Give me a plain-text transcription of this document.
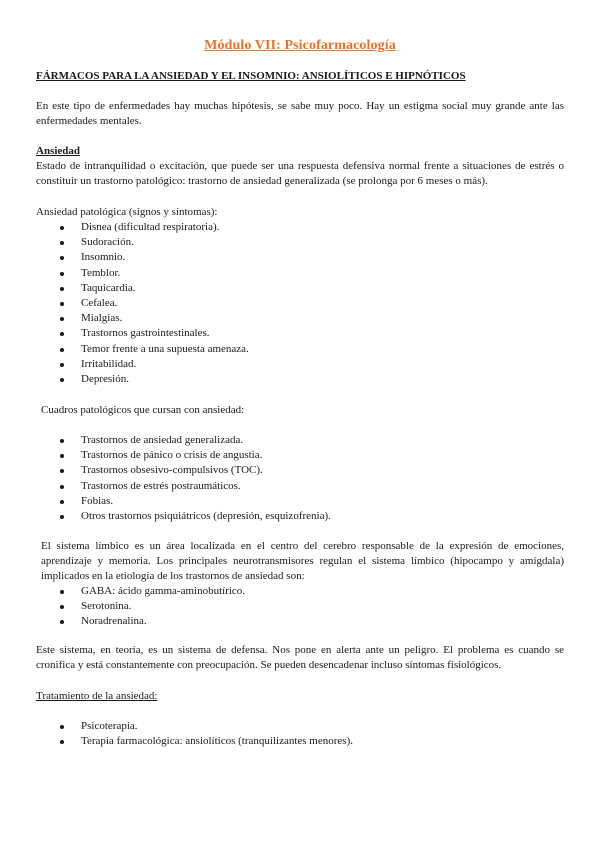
Módulo VII: Psicofarmacología
FÁRMACOS PARA LA ANSIEDAD Y EL INSOMNIO: ANSIOLÍTICOS E HIPNÓTICOS
En este tipo de enfermedades hay muchas hipótesis, se sabe muy poco. Hay un estigma social muy grande ante las enfermedades mentales.
Ansiedad
Estado de intranquilidad o excitación, que puede ser una respuesta defensiva normal frente a situaciones de estrés o constituir un trastorno patológico: trastorno de ansiedad generalizada (se prolonga por 6 meses o más).
Ansiedad patológica (signos y síntomas):
Disnea (dificultad respiratoria).
Sudoración.
Insomnio.
Temblor.
Taquicardia.
Cefalea.
Mialgias.
Trastornos gastrointestinales.
Temor frente a una supuesta amenaza.
Irritabilidad.
Depresión.
Cuadros patológicos que cursan con ansiedad:
Trastornos de ansiedad generalizada.
Trastornos de pánico o crisis de angustia.
Trastornos obsesivo-compulsivos (TOC).
Trastornos de estrés postraumáticos.
Fobias.
Otros trastornos psiquiátricos (depresión, esquizofrenia).
El sistema límbico es un área localizada en el centro del cerebro responsable de la expresión de emociones, aprendizaje y memoria. Los principales neurotransmisores regulan el sistema límbico (hipocampo y amígdala) implicados en la etiología de los trastornos de ansiedad son:
GABA: ácido gamma-aminobutírico.
Serotonina.
Noradrenalina.
Este sistema, en teoría, es un sistema de defensa. Nos pone en alerta ante un peligro. El problema es cuando se cronifica y está constantemente con preocupación. Se pueden desencadenar incluso síntomas fisiológicos.
Tratamiento de la ansiedad:
Psicoterapia.
Terapia farmacológica: ansiolíticos (tranquilizantes menores).
